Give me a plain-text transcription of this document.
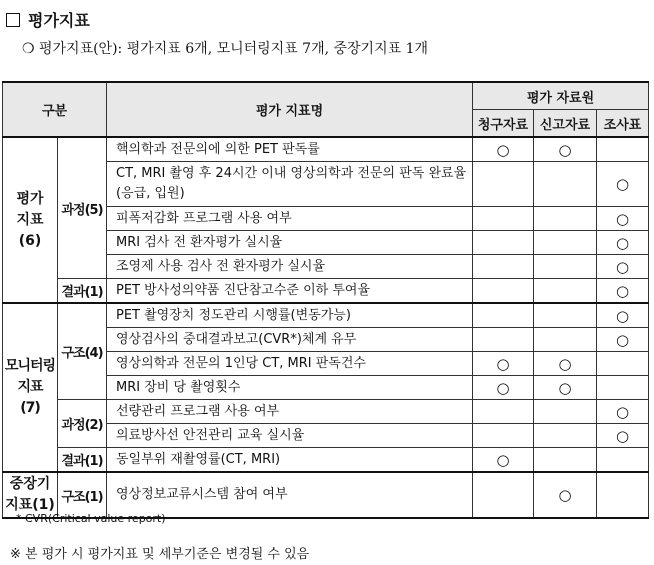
평가지표
❍ 평가지표(안): 평가지표 6개, 모니터링지표 7개, 중장기지표 1개
구분		평가 지표명	평가 자료원		
			청구자료	신고자료	조사표
평가
지표
(6)	과정(5)	핵의학과 전문의에 의한 PET 판독률	○	○	
		CT, MRI 촬영 후 24시간 이내 영상의학과 전문의 판독 완료율(응급, 입원)			○
		피폭저감화 프로그램 사용 여부			○
		MRI 검사 전 환자평가 실시율			○
		조영제 사용 검사 전 환자평가 실시율			○
	결과(1)	PET 방사성의약품 진단참고수준 이하 투여율			○
모니터링
지표
(7)	구조(4)	PET 촬영장치 정도관리 시행률(변동가능)			○
		영상검사의 중대결과보고(CVR*)체계 유무			○
		영상의학과 전문의 1인당 CT, MRI 판독건수	○	○	
		MRI 장비 당 촬영횟수	○	○	
	과정(2)	선량관리 프로그램 사용 여부			○
		의료방사선 안전관리 교육 실시율			○
	결과(1)	동일부위 재촬영률(CT, MRI)	○		
중장기
지표(1)	구조(1)	영상정보교류시스템 참여 여부		○	
* CVR(Critical value report)
※ 본 평가 시 평가지표 및 세부기준은 변경될 수 있음
